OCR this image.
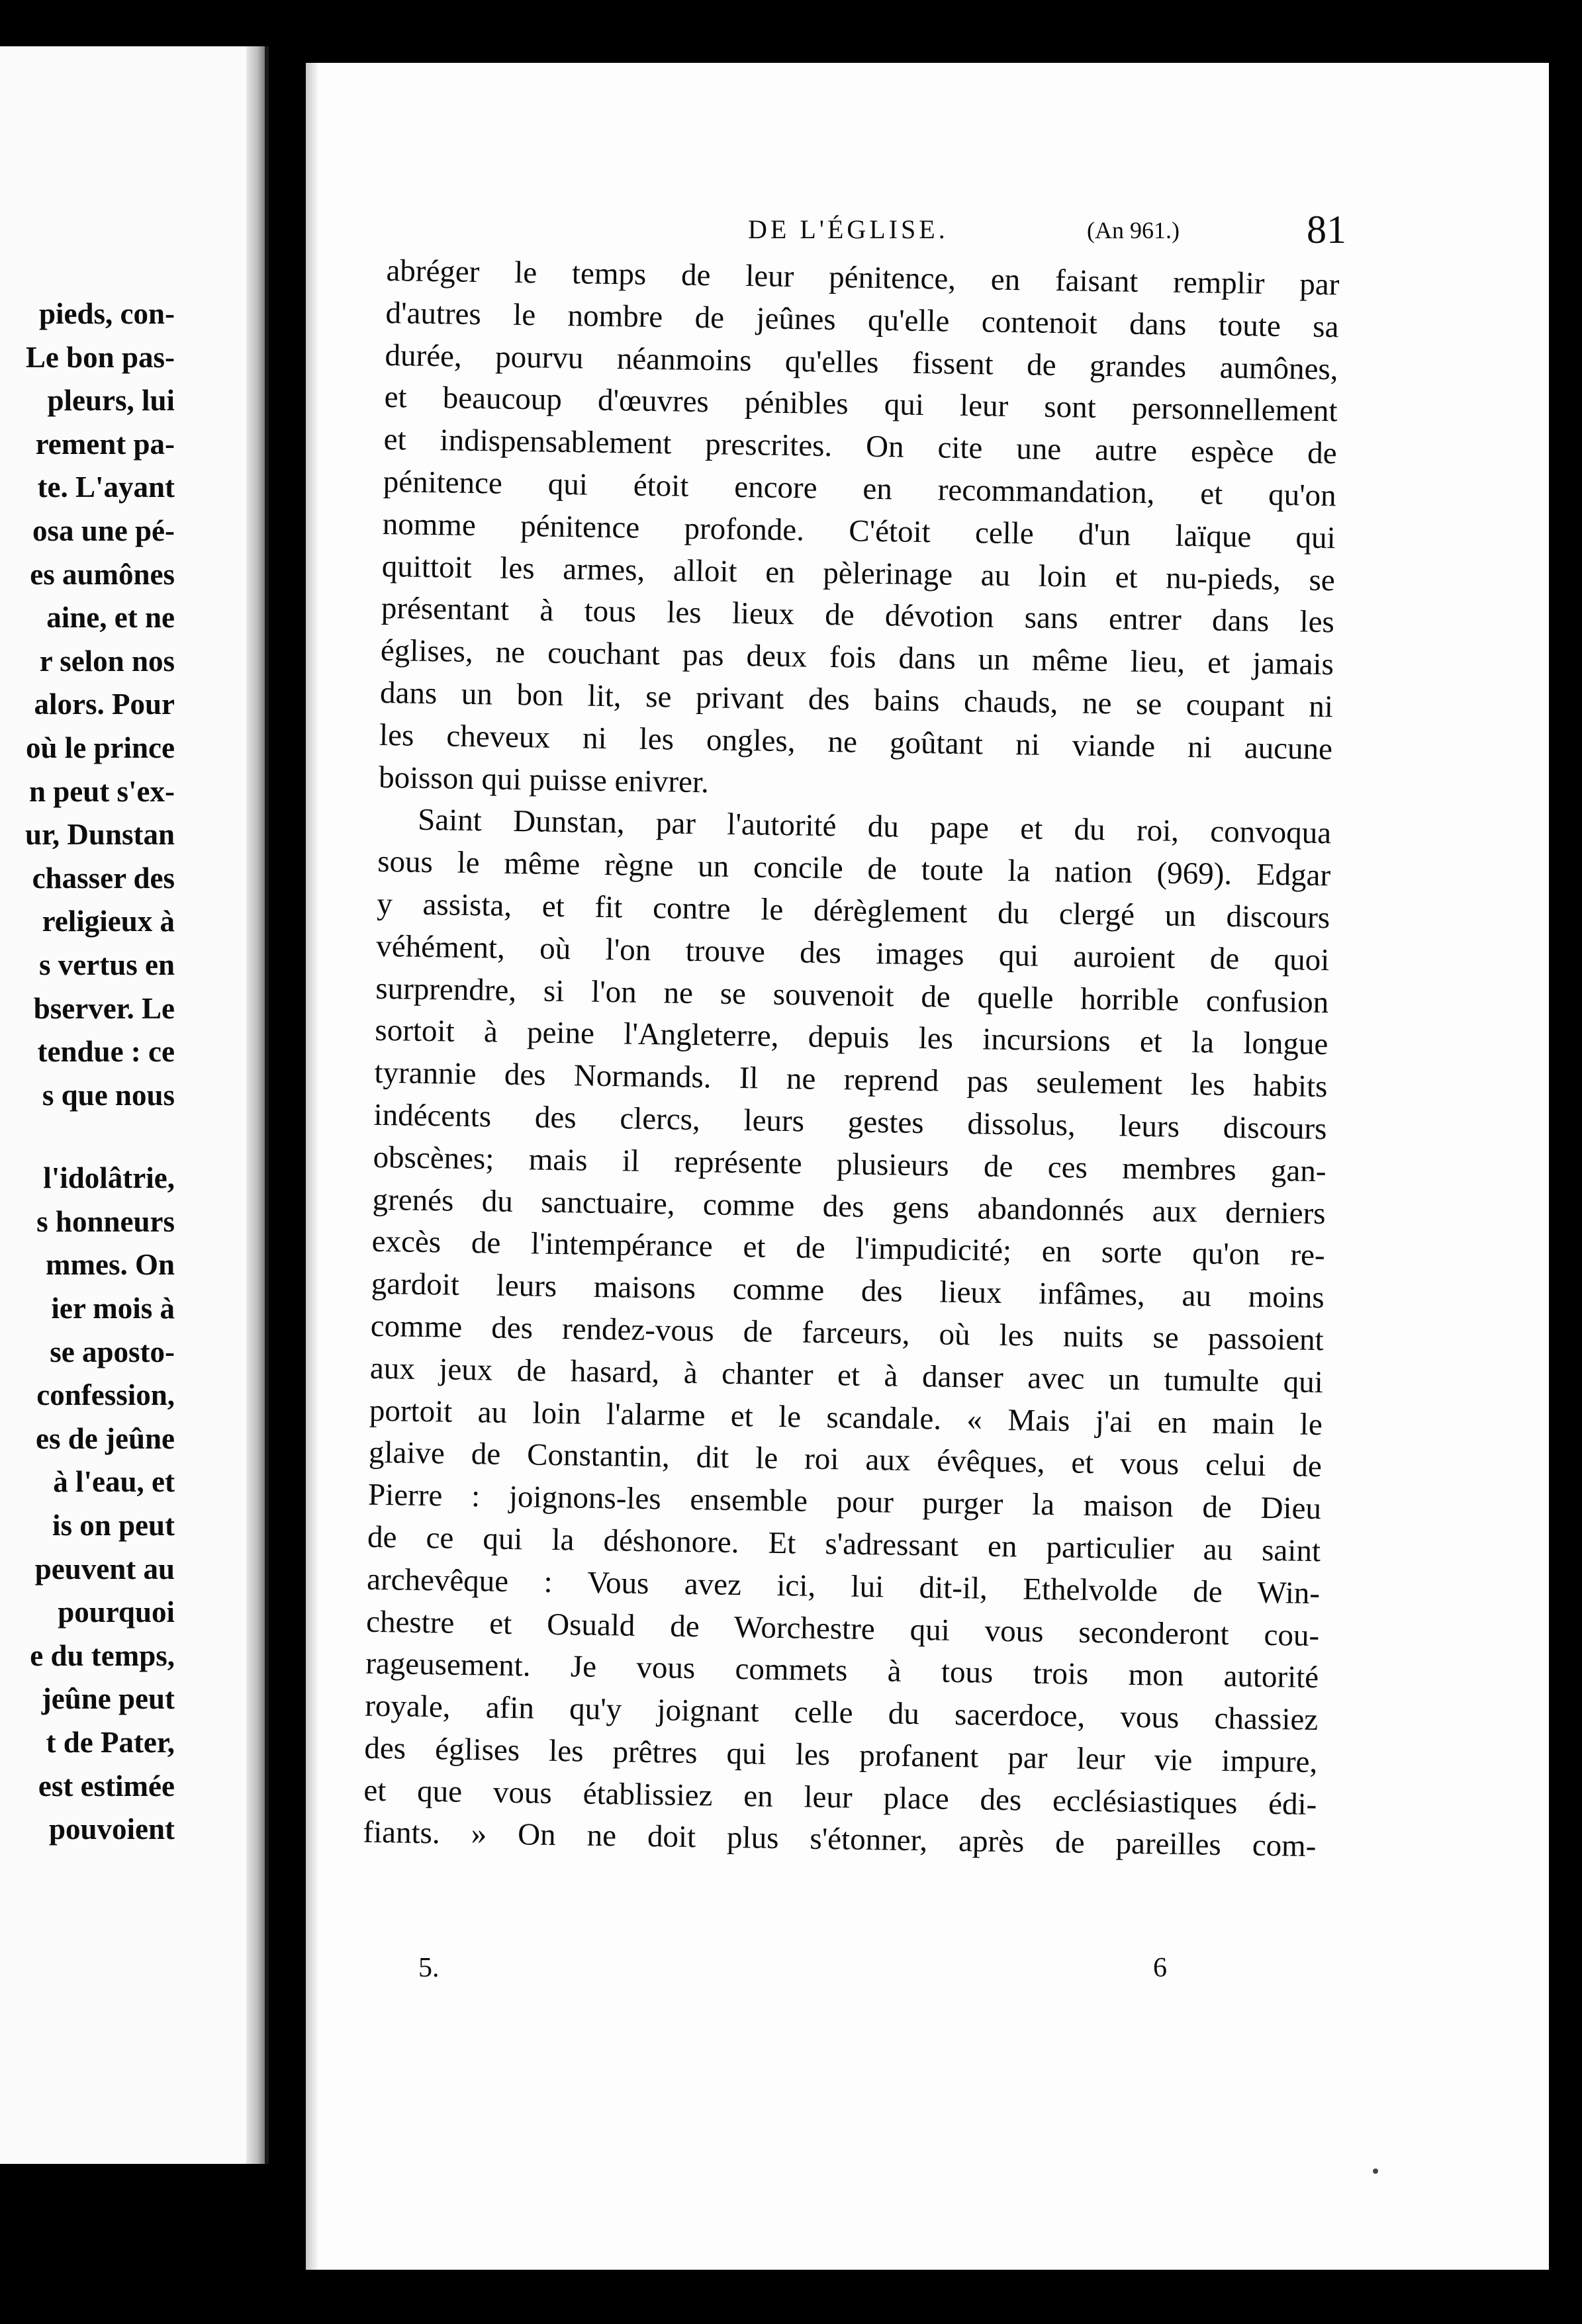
pieds, con-
Le bon pas-
pleurs, lui
rement pa-
te. L'ayant
osa une pé-
es aumônes
aine, et ne
r selon nos
alors. Pour
où le prince
n peut s'ex-
ur, Dunstan
chasser des
religieux à
s vertus en
bserver. Le
tendue : ce
s que nous
l'idolâtrie,
s honneurs
mmes. On
ier mois à
se aposto-
confession,
es de jeûne
à l'eau, et
is on peut
peuvent au
pourquoi
e du temps,
jeûne peut
t de Pater,
est estimée
pouvoient
DE L'ÉGLISE.	(An 961.)	81
abréger le temps de leur pénitence, en faisant remplir par
d'autres le nombre de jeûnes qu'elle contenoit dans toute sa
durée, pourvu néanmoins qu'elles fissent de grandes aumônes,
et beaucoup d'œuvres pénibles qui leur sont personnellement
et indispensablement prescrites. On cite une autre espèce de
pénitence qui étoit encore en recommandation, et qu'on
nomme pénitence profonde. C'étoit celle d'un laïque qui
quittoit les armes, alloit en pèlerinage au loin et nu-pieds, se
présentant à tous les lieux de dévotion sans entrer dans les
églises, ne couchant pas deux fois dans un même lieu, et jamais
dans un bon lit, se privant des bains chauds, ne se coupant ni
les cheveux ni les ongles, ne goûtant ni viande ni aucune
boisson qui puisse enivrer.
Saint Dunstan, par l'autorité du pape et du roi, convoqua
sous le même règne un concile de toute la nation (969). Edgar
y assista, et fit contre le dérèglement du clergé un discours
véhément, où l'on trouve des images qui auroient de quoi
surprendre, si l'on ne se souvenoit de quelle horrible confusion
sortoit à peine l'Angleterre, depuis les incursions et la longue
tyrannie des Normands. Il ne reprend pas seulement les habits
indécents des clercs, leurs gestes dissolus, leurs discours
obscènes; mais il représente plusieurs de ces membres gan-
grenés du sanctuaire, comme des gens abandonnés aux derniers
excès de l'intempérance et de l'impudicité; en sorte qu'on re-
gardoit leurs maisons comme des lieux infâmes, au moins
comme des rendez-vous de farceurs, où les nuits se passoient
aux jeux de hasard, à chanter et à danser avec un tumulte qui
portoit au loin l'alarme et le scandale. « Mais j'ai en main le
glaive de Constantin, dit le roi aux évêques, et vous celui de
Pierre : joignons-les ensemble pour purger la maison de Dieu
de ce qui la déshonore. Et s'adressant en particulier au saint
archevêque : Vous avez ici, lui dit-il, Ethelvolde de Win-
chestre et Osuald de Worchestre qui vous seconderont cou-
rageusement. Je vous commets à tous trois mon autorité
royale, afin qu'y joignant celle du sacerdoce, vous chassiez
des églises les prêtres qui les profanent par leur vie impure,
et que vous établissiez en leur place des ecclésiastiques édi-
fiants. » On ne doit plus s'étonner, après de pareilles com-
5.	6
